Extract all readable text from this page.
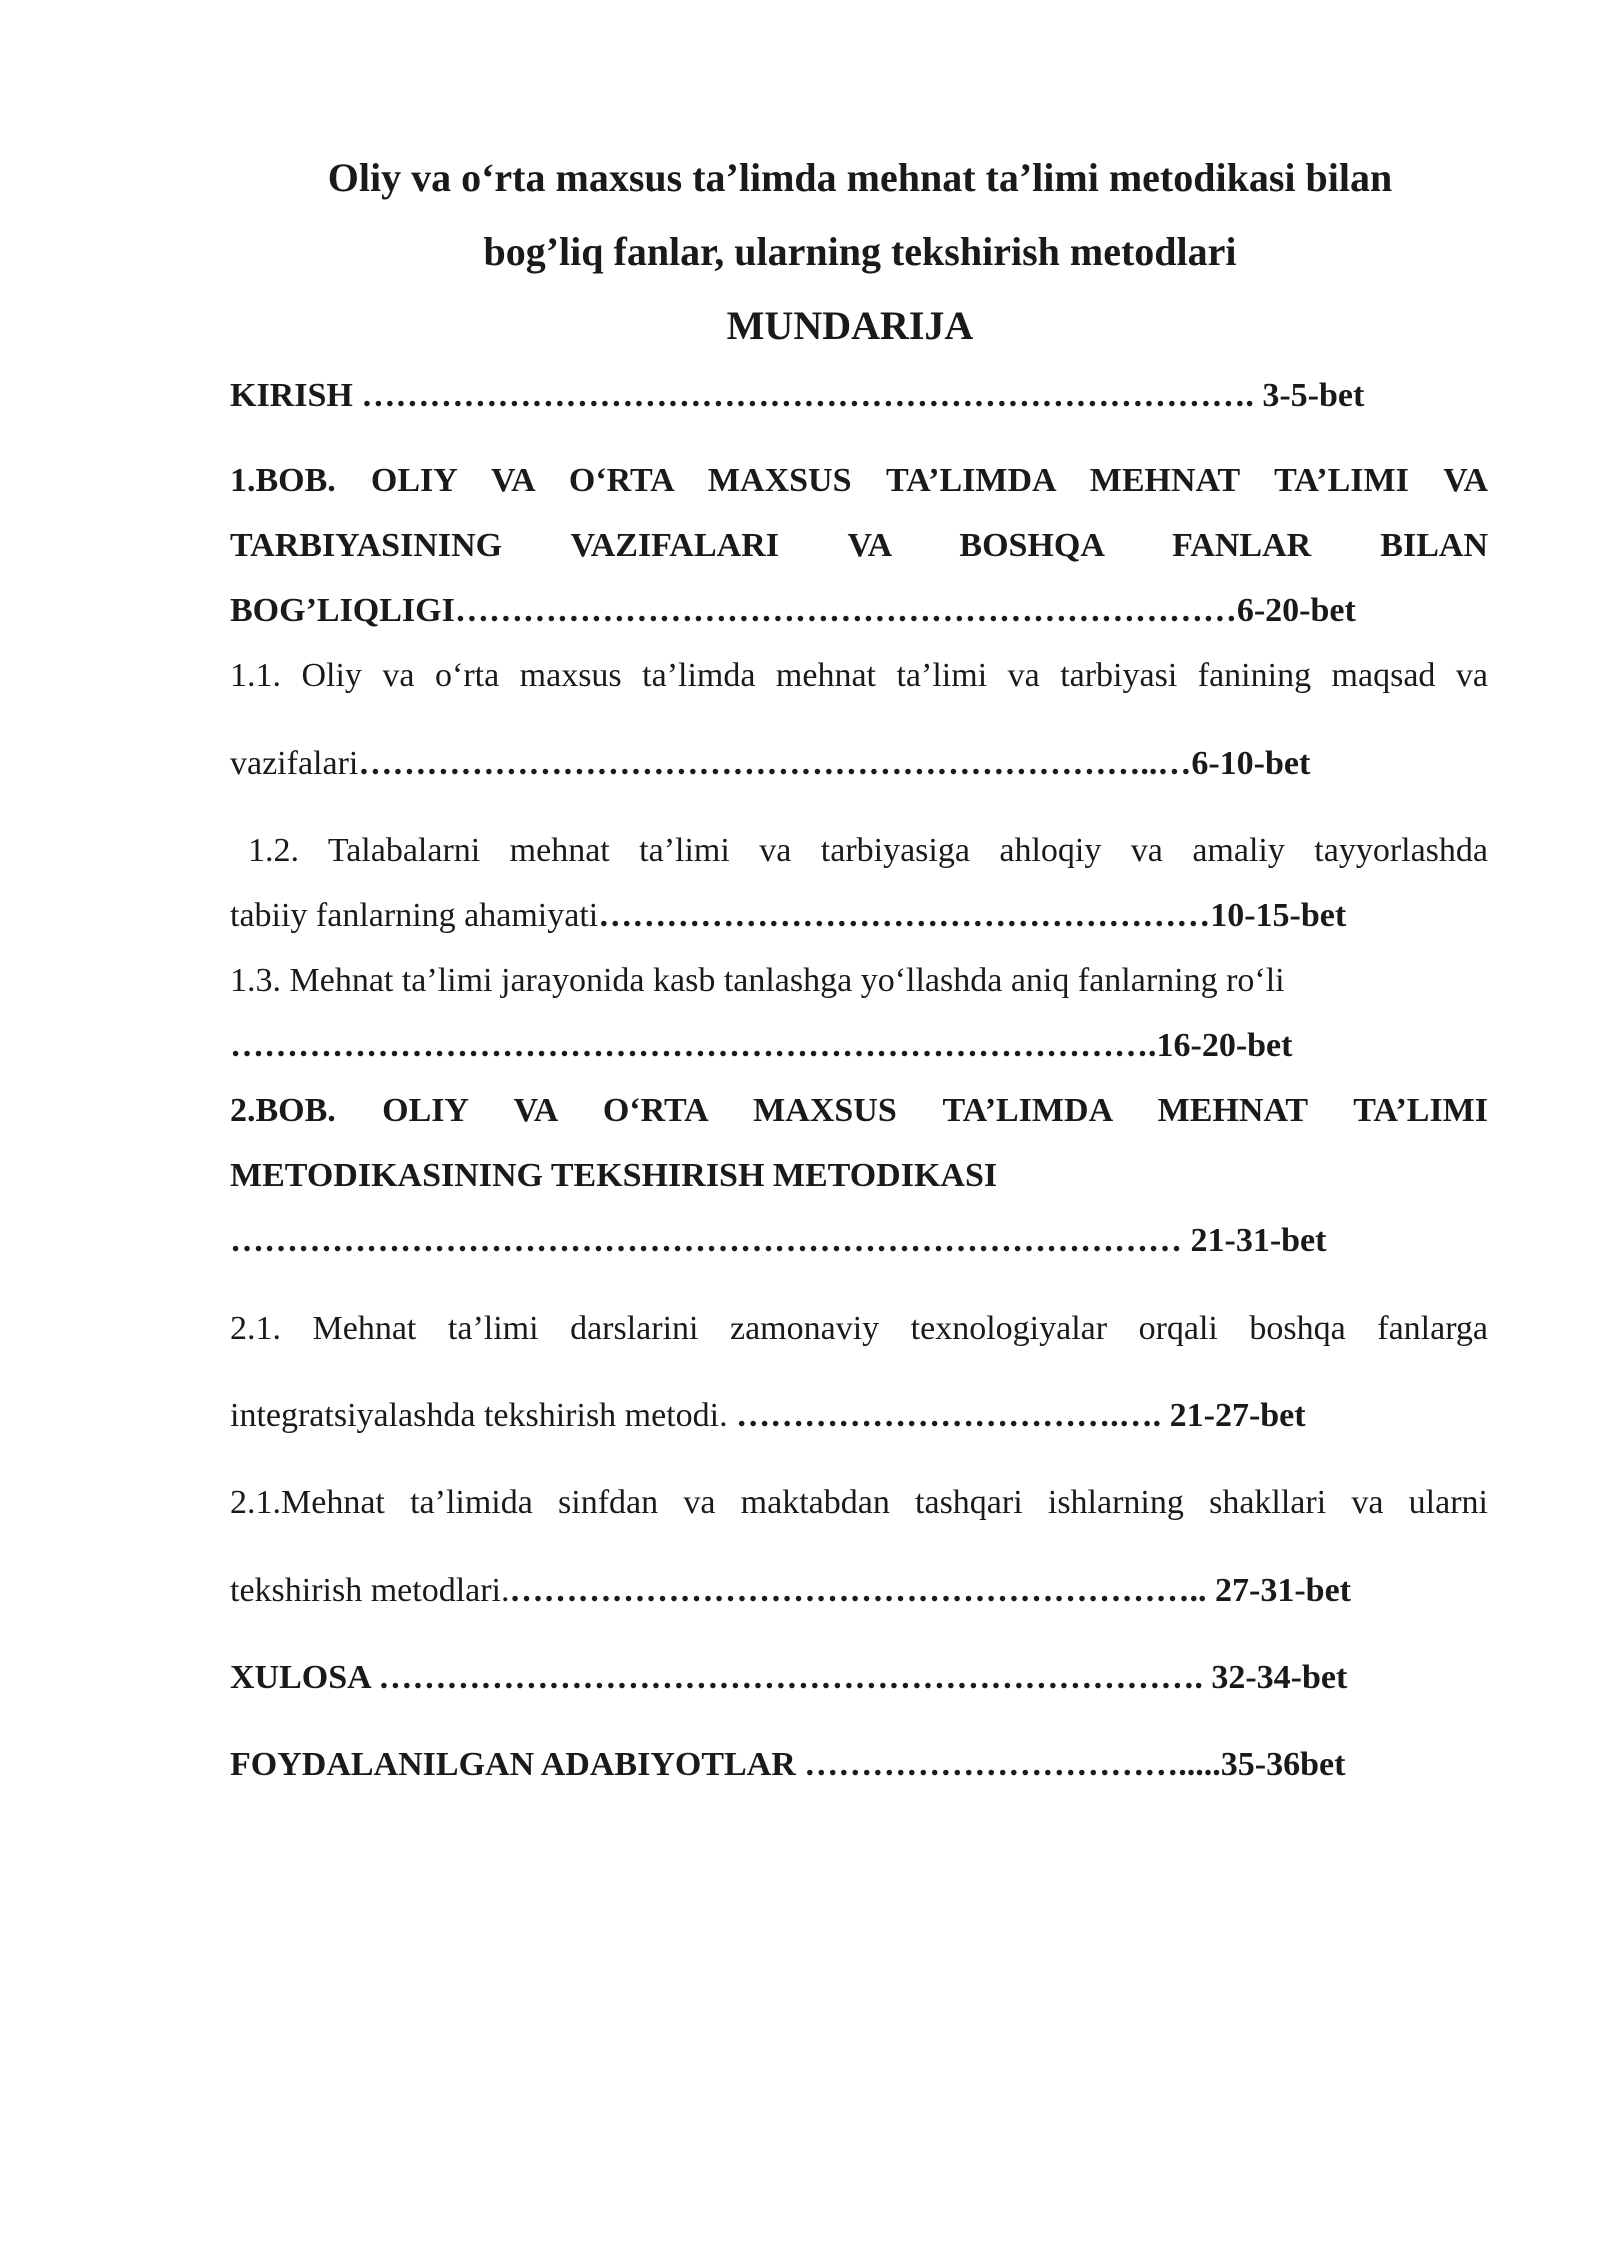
Oliy va o‘rta maxsus ta’limda mehnat ta’limi metodikasi bilan
bog’liq fanlar, ularning tekshirish metodlari
MUNDARIJA
KIRISH ……………………………………………………………………. 3-5-bet
1.BOB. OLIY VA O‘RTA MAXSUS TA’LIMDA MEHNAT TA’LIMI VA
TARBIYASINING VAZIFALARI VA BOSHQA FANLAR BILAN
BOG’LIQLIGI……………………………………………………………6-20-bet
1.1. Oliy va o‘rta maxsus ta’limda mehnat ta’limi va tarbiyasi fanining maqsad va
vazifalari……………………………………………………………..…6-10-bet
1.2. Talabalarni mehnat ta’limi va tarbiyasiga ahloqiy va amaliy tayyorlashda
tabiiy fanlarning ahamiyati………………………………………………10-15-bet
1.3. Mehnat ta’limi jarayonida kasb tanlashga yo‘llashda aniq fanlarning ro‘li
……………………………………………………………………….16-20-bet
2.BOB. OLIY VA O‘RTA MAXSUS TA’LIMDA MEHNAT TA’LIMI
METODIKASINING TEKSHIRISH METODIKASI
………………………………………………………………………… 21-31-bet
2.1. Mehnat ta’limi darslarini zamonaviy texnologiyalar orqali boshqa fanlarga
integratsiyalashda tekshirish metodi. …………………………….…. 21-27-bet
2.1.Mehnat ta’limida sinfdan va maktabdan tashqari ishlarning shakllari va ularni
tekshirish metodlari.…………………………………………………….. 27-31-bet
XULOSA ………………………………………………………………. 32-34-bet
FOYDALANILGAN ADABIYOTLAR …………………………….....35-36bet
